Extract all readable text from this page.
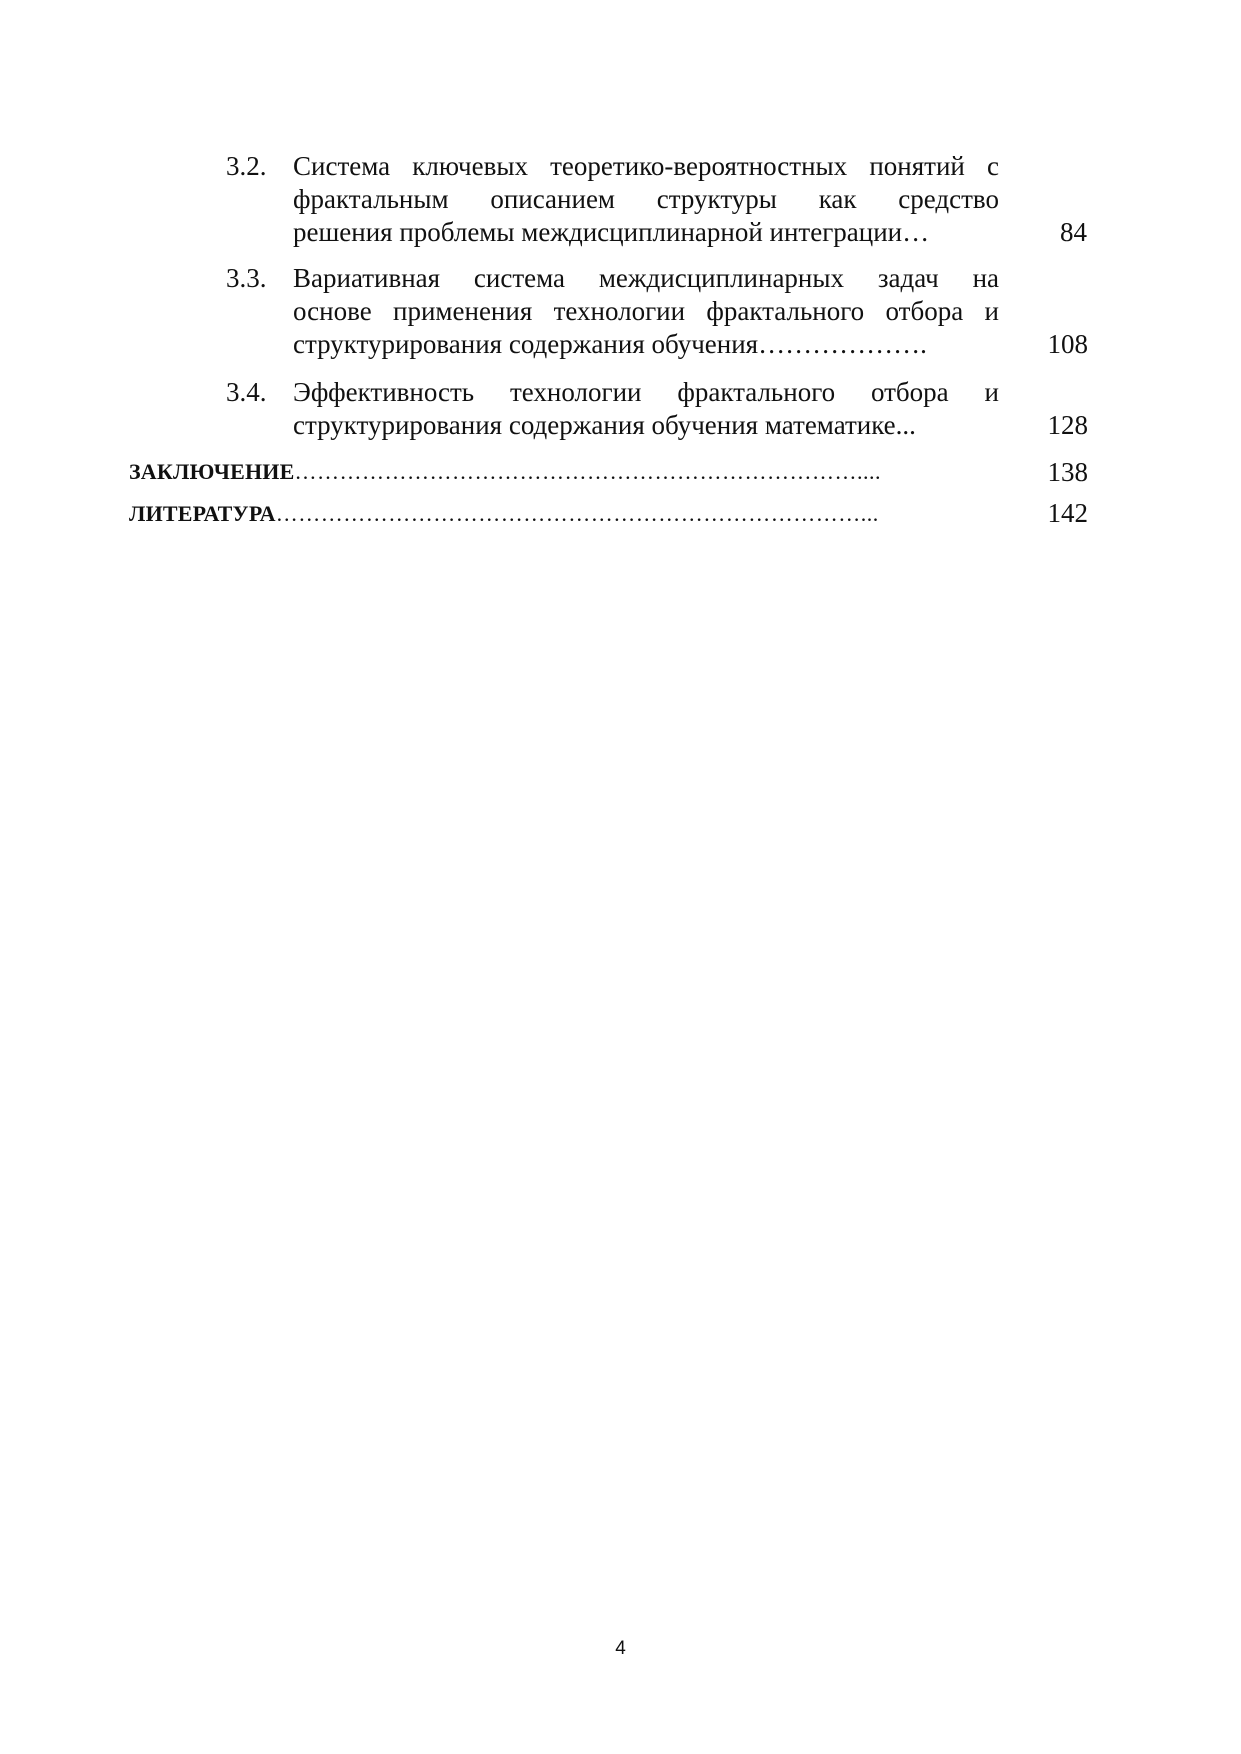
3.2. Система ключевых теоретико-вероятностных понятий с
фрактальным описанием структуры как средство
решения проблемы междисциплинарной интеграции…	84
3.3. Вариативная система междисциплинарных задач на
основе применения технологии фрактального отбора и
структурирования содержания обучения……………….	108
3.4. Эффективность технологии фрактального отбора и
структурирования содержания обучения математике...	128
ЗАКЛЮЧЕНИЕ…………………………………………………………………....	138
ЛИТЕРАТУРА……………………………………………………………………...	142
4
